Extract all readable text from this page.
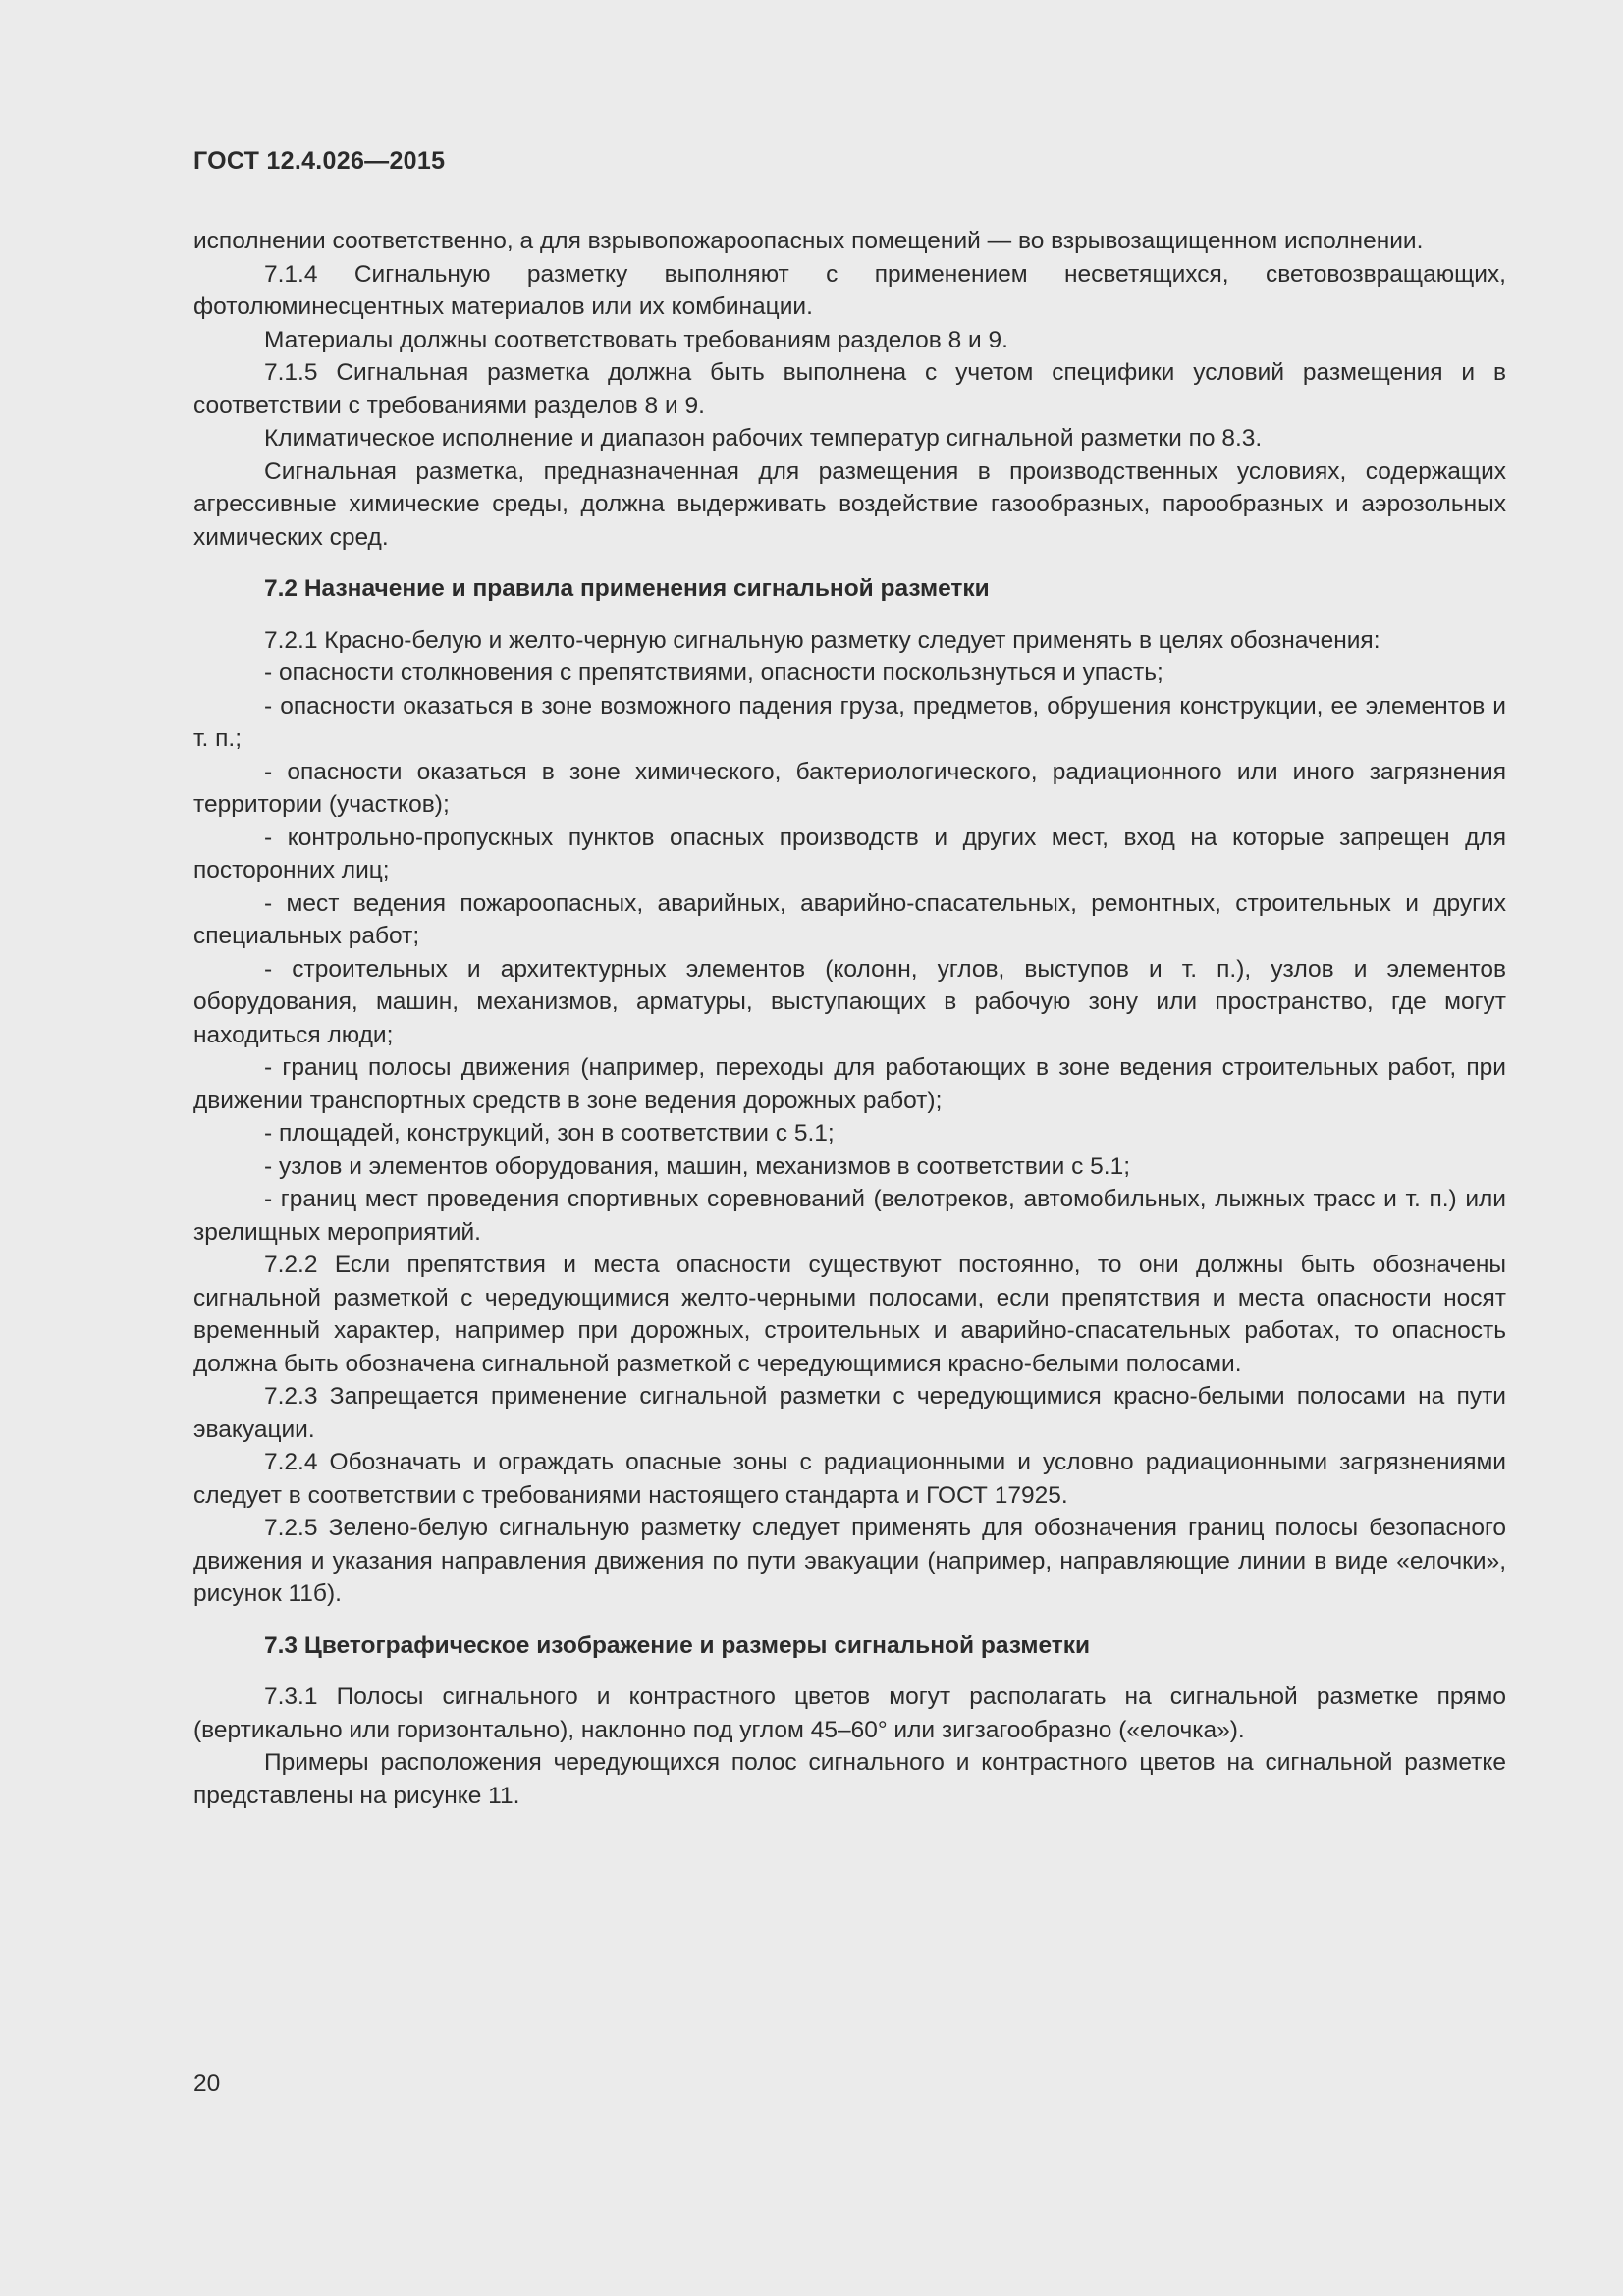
ГОСТ 12.4.026—2015

исполнении соответственно, а для взрывопожароопасных помещений — во взрывозащищенном исполнении.

7.1.4 Сигнальную разметку выполняют с применением несветящихся, световозвращающих, фотолюминесцентных материалов или их комбинации.

Материалы должны соответствовать требованиям разделов 8 и 9.

7.1.5 Сигнальная разметка должна быть выполнена с учетом специфики условий размещения и в соответствии с требованиями разделов 8 и 9.

Климатическое исполнение и диапазон рабочих температур сигнальной разметки по 8.3.

Сигнальная разметка, предназначенная для размещения в производственных условиях, содержащих агрессивные химические среды, должна выдерживать воздействие газообразных, парообразных и аэрозольных химических сред.

7.2 Назначение и правила применения сигнальной разметки

7.2.1 Красно-белую и желто-черную сигнальную разметку следует применять в целях обозначения:

- опасности столкновения с препятствиями, опасности поскользнуться и упасть;

- опасности оказаться в зоне возможного падения груза, предметов, обрушения конструкции, ее элементов и т. п.;

- опасности оказаться в зоне химического, бактериологического, радиационного или иного загрязнения территории (участков);

- контрольно-пропускных пунктов опасных производств и других мест, вход на которые запрещен для посторонних лиц;

- мест ведения пожароопасных, аварийных, аварийно-спасательных, ремонтных, строительных и других специальных работ;

- строительных и архитектурных элементов (колонн, углов, выступов и т. п.), узлов и элементов оборудования, машин, механизмов, арматуры, выступающих в рабочую зону или пространство, где могут находиться люди;

- границ полосы движения (например, переходы для работающих в зоне ведения строительных работ, при движении транспортных средств в зоне ведения дорожных работ);

- площадей, конструкций, зон в соответствии с 5.1;

- узлов и элементов оборудования, машин, механизмов в соответствии с 5.1;

- границ мест проведения спортивных соревнований (велотреков, автомобильных, лыжных трасс и т. п.) или зрелищных мероприятий.

7.2.2 Если препятствия и места опасности существуют постоянно, то они должны быть обозначены сигнальной разметкой с чередующимися желто-черными полосами, если препятствия и места опасности носят временный характер, например при дорожных, строительных и аварийно-спасательных работах, то опасность должна быть обозначена сигнальной разметкой с чередующимися красно-белыми полосами.

7.2.3 Запрещается применение сигнальной разметки с чередующимися красно-белыми полосами на пути эвакуации.

7.2.4 Обозначать и ограждать опасные зоны с радиационными и условно радиационными загрязнениями следует в соответствии с требованиями настоящего стандарта и ГОСТ 17925.

7.2.5 Зелено-белую сигнальную разметку следует применять для обозначения границ полосы безопасного движения и указания направления движения по пути эвакуации (например, направляющие линии в виде «елочки», рисунок 11б).

7.3 Цветографическое изображение и размеры сигнальной разметки

7.3.1 Полосы сигнального и контрастного цветов могут располагать на сигнальной разметке прямо (вертикально или горизонтально), наклонно под углом 45–60° или зигзагообразно («елочка»).

Примеры расположения чередующихся полос сигнального и контрастного цветов на сигнальной разметке представлены на рисунке 11.

20
